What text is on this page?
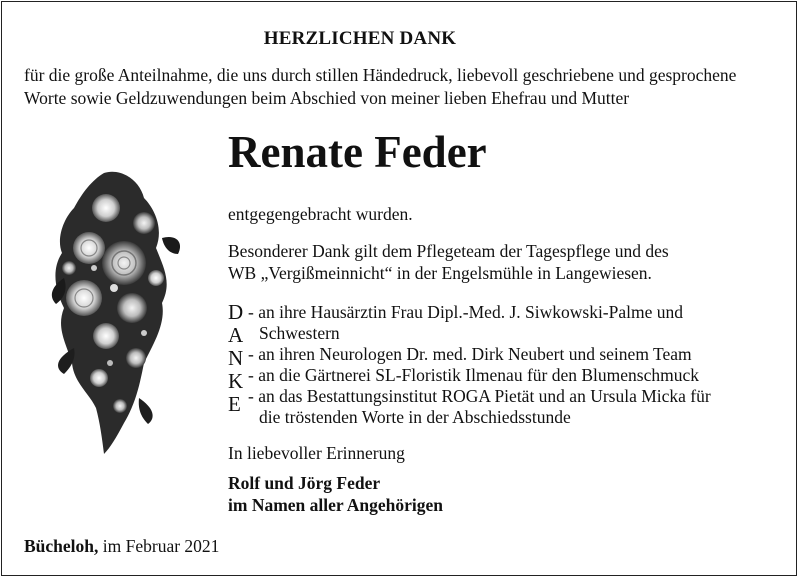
HERZLICHEN DANK
für die große Anteilnahme, die uns durch stillen Händedruck, liebevoll geschriebene und gesprochene
Worte sowie Geldzuwendungen beim Abschied von meiner lieben Ehefrau und Mutter
Renate Feder
entgegengebracht wurden.
Besonderer Dank gilt dem Pflegeteam der Tagespflege und des
WB „Vergißmeinnicht“ in der Engelsmühle in Langewiesen.
D
A
N
K
E
- an ihre Hausärztin Frau Dipl.-Med. J. Siwkowski-Palme und
Schwestern
- an ihren Neurologen Dr. med. Dirk Neubert und seinem Team
- an die Gärtnerei SL-Floristik Ilmenau für den Blumenschmuck
- an das Bestattungsinstitut ROGA Pietät und an Ursula Micka für
die tröstenden Worte in der Abschiedsstunde
In liebevoller Erinnerung
Rolf und Jörg Feder
im Namen aller Angehörigen
Bücheloh, im Februar 2021
